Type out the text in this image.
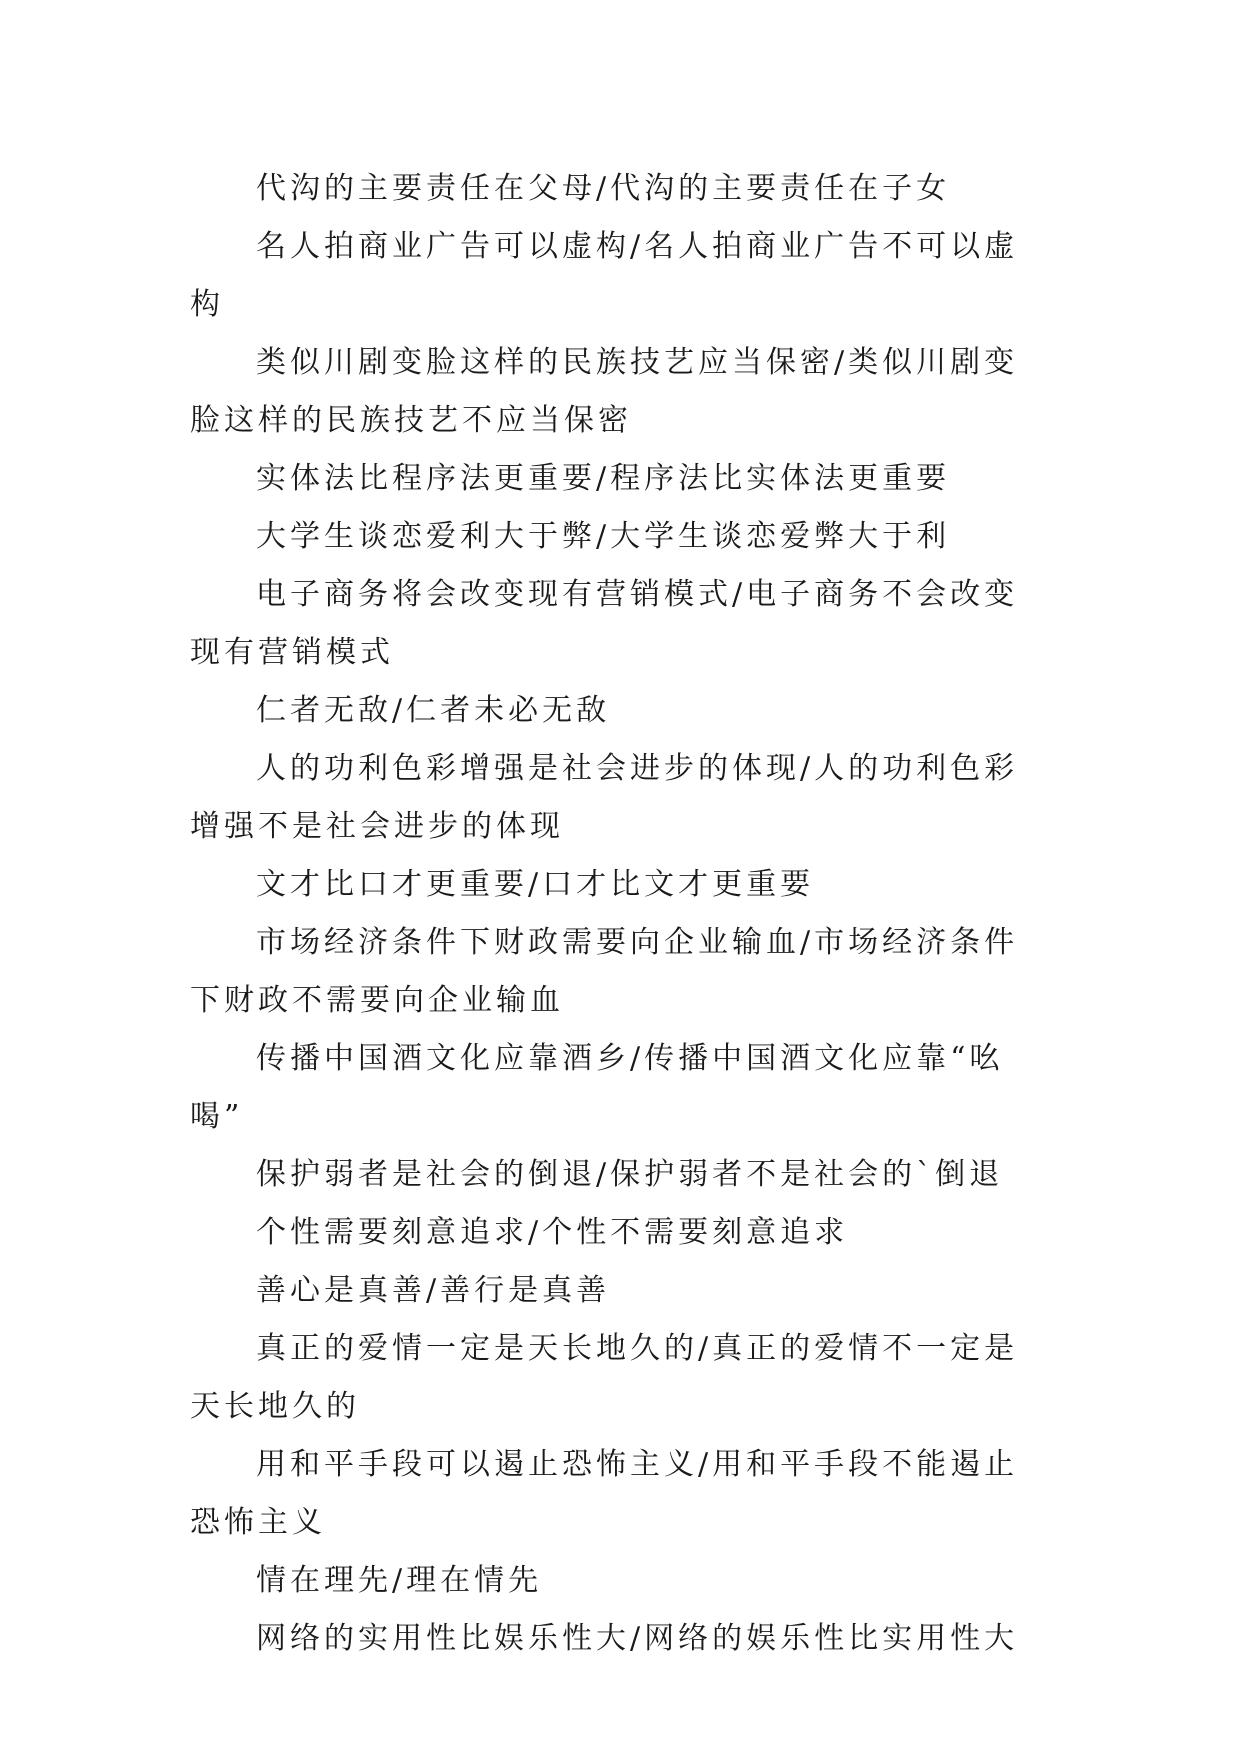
代沟的主要责任在父母/代沟的主要责任在子女

名人拍商业广告可以虚构/名人拍商业广告不可以虚构

类似川剧变脸这样的民族技艺应当保密/类似川剧变脸这样的民族技艺不应当保密

实体法比程序法更重要/程序法比实体法更重要

大学生谈恋爱利大于弊/大学生谈恋爱弊大于利

电子商务将会改变现有营销模式/电子商务不会改变现有营销模式

仁者无敌/仁者未必无敌

人的功利色彩增强是社会进步的体现/人的功利色彩增强不是社会进步的体现

文才比口才更重要/口才比文才更重要

市场经济条件下财政需要向企业输血/市场经济条件下财政不需要向企业输血

传播中国酒文化应靠酒乡/传播中国酒文化应靠“吆喝”

保护弱者是社会的倒退/保护弱者不是社会的`倒退

个性需要刻意追求/个性不需要刻意追求

善心是真善/善行是真善

真正的爱情一定是天长地久的/真正的爱情不一定是天长地久的

用和平手段可以遏止恐怖主义/用和平手段不能遏止恐怖主义

情在理先/理在情先

网络的实用性比娱乐性大/网络的娱乐性比实用性大
